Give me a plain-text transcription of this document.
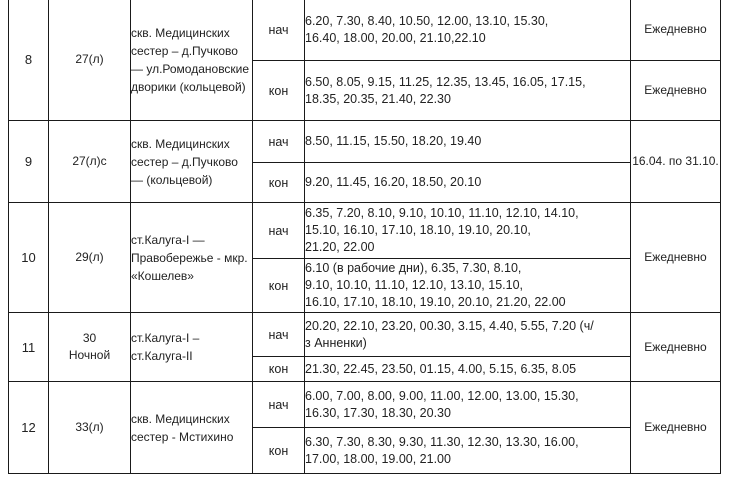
8	27(л)	скв. Медицинских сестер – д.Пучково — ул.Ромодановские дворики (кольцевой)	нач	6.20, 7.30, 8.40, 10.50, 12.00, 13.10, 15.30,
16.40, 18.00, 20.00, 21.10,22.10	Ежедневно
			кон	6.50, 8.05, 9.15, 11.25, 12.35, 13.45, 16.05, 17.15,
18.35, 20.35, 21.40, 22.30	Ежедневно
9	27(л)с	скв. Медицинских сестер – д.Пучково — (кольцевой)	нач	8.50, 11.15, 15.50, 18.20, 19.40	16.04. по 31.10.
			кон	9.20, 11.45, 16.20, 18.50, 20.10	
10	29(л)	ст.Калуга-I — Правобережье - мкр. «Кошелев»	нач	6.35, 7.20, 8.10, 9.10, 10.10, 11.10, 12.10, 14.10,
15.10, 16.10, 17.10, 18.10, 19.10, 20.10,
21.20, 22.00	Ежедневно
			кон	6.10 (в рабочие дни), 6.35, 7.30, 8.10,
9.10, 10.10, 11.10, 12.10, 13.10, 15.10,
16.10, 17.10, 18.10, 19.10, 20.10, 21.20, 22.00	
11	30
Ночной	ст.Калуга-I – ст.Калуга-II	нач	20.20, 22.10, 23.20, 00.30, 3.15, 4.40, 5.55, 7.20 (ч/
з Анненки)	Ежедневно
			кон	21.30, 22.45, 23.50, 01.15, 4.00, 5.15, 6.35, 8.05	
12	33(л)	скв. Медицинских сестер - Мстихино	нач	6.00, 7.00, 8.00, 9.00, 11.00, 12.00, 13.00, 15.30,
16.30, 17.30, 18.30, 20.30	Ежедневно
			кон	6.30, 7.30, 8.30, 9.30, 11.30, 12.30, 13.30, 16.00,
17.00, 18.00, 19.00, 21.00	
